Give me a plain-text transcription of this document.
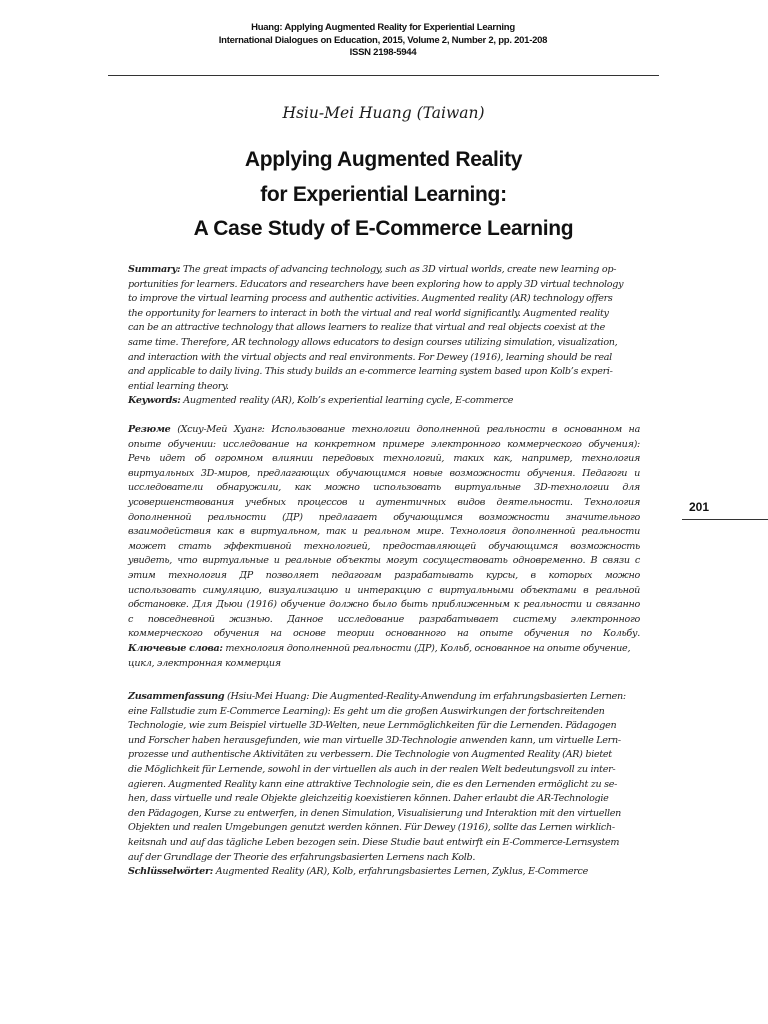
Huang: Applying Augmented Reality for Experiential Learning
International Dialogues on Education, 2015, Volume 2, Number 2, pp. 201-208
ISSN 2198-5944
Hsiu-Mei Huang (Taiwan)
Applying Augmented Reality
for Experiential Learning:
A Case Study of E-Commerce Learning
Summary: The great impacts of advancing technology, such as 3D virtual worlds, create new learning op-
portunities for learners. Educators and researchers have been exploring how to apply 3D virtual technology
to improve the virtual learning process and authentic activities. Augmented reality (AR) technology offers
the opportunity for learners to interact in both the virtual and real world significantly. Augmented reality
can be an attractive technology that allows learners to realize that virtual and real objects coexist at the
same time. Therefore, AR technology allows educators to design courses utilizing simulation, visualization,
and interaction with the virtual objects and real environments. For Dewey (1916), learning should be real
and applicable to daily living. This study builds an e-commerce learning system based upon Kolb’s experi-
ential learning theory.
Keywords: Augmented reality (AR), Kolb’s experiential learning cycle, E-commerce
Резюме (Хсиу-Мей Хуанг: Использование технологии дополненной реальности в основанном на
опыте обучении: исследование на конкретном примере электронного коммерческого обучения):
Речь идет об огромном влиянии передовых технологий, таких как, например, технология
виртуальных 3D-миров, предлагающих обучающимся новые возможности обучения. Педагоги и
исследователи обнаружили, как можно использовать виртуальные 3D-технологии для
усовершенствования учебных процессов и аутентичных видов деятельности. Технология
дополненной реальности (ДР) предлагает обучающимся возможности значительного
взаимодействия как в виртуальном, так и реальном мире. Технология дополненной реальности
может стать эффективной технологией, предоставляющей обучающимся возможность
увидеть, что виртуальные и реальные объекты могут сосуществовать одновременно. В связи с
этим технология ДР позволяет педагогам разрабатывать курсы, в которых можно
использовать симуляцию, визуализацию и интеракцию с виртуальными объектами в реальной
обстановке. Для Дьюи (1916) обучение должно было быть приближенным к реальности и связанно
с повседневной жизнью. Данное исследование разрабатывает систему электронного
коммерческого обучения на основе теории основанного на опыте обучения по Кольбу.
Ключевые слова: технология дополненной реальности (ДР), Кольб, основанное на опыте обучение,
цикл, электронная коммерция
Zusammenfassung (Hsiu-Mei Huang: Die Augmented-Reality-Anwendung im erfahrungsbasierten Lernen:
eine Fallstudie zum E-Commerce Learning): Es geht um die großen Auswirkungen der fortschreitenden
Technologie, wie zum Beispiel virtuelle 3D-Welten, neue Lernmöglichkeiten für die Lernenden. Pädagogen
und Forscher haben herausgefunden, wie man virtuelle 3D-Technologie anwenden kann, um virtuelle Lern-
prozesse und authentische Aktivitäten zu verbessern. Die Technologie von Augmented Reality (AR) bietet
die Möglichkeit für Lernende, sowohl in der virtuellen als auch in der realen Welt bedeutungsvoll zu inter-
agieren. Augmented Reality kann eine attraktive Technologie sein, die es den Lernenden ermöglicht zu se-
hen, dass virtuelle und reale Objekte gleichzeitig koexistieren können. Daher erlaubt die AR-Technologie
den Pädagogen, Kurse zu entwerfen, in denen Simulation, Visualisierung und Interaktion mit den virtuellen
Objekten und realen Umgebungen genutzt werden können. Für Dewey (1916), sollte das Lernen wirklich-
keitsnah und auf das tägliche Leben bezogen sein. Diese Studie baut entwirft ein E-Commerce-Lernsystem
auf der Grundlage der Theorie des erfahrungsbasierten Lernens nach Kolb.
Schlüsselwörter: Augmented Reality (AR), Kolb, erfahrungsbasiertes Lernen, Zyklus, E-Commerce
201
